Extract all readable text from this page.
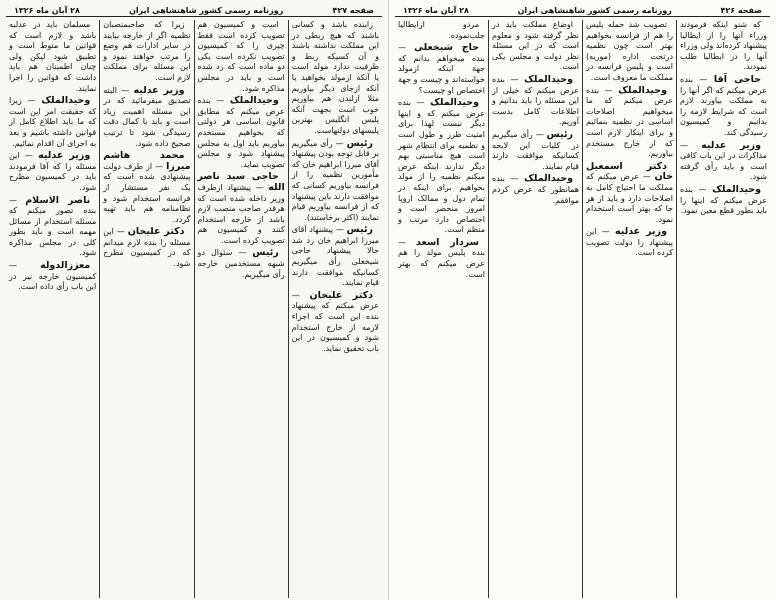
صفحه ۴۲۷
روزنامه رسمی کشور شاهنشاهی ایران
۲۸ آبان ماه ۱۳۲۶

زاینده باشد و کسانی باشند که هیچ ربطی در این مملکت نداشته باشند و آن کسیکه ربط و طرفیت ندارد مولد است یا آنکه ازمولد بخواهید یا آنکه ازجای دیگر بیاوریم مثلا ازلندن هم بیاوریم خوب است بجهت آنکه پلیس انگلیس بهترین پلیسهای دولتهاست.

رئیس — رأی میگیریم بر قابل توجه بودن پیشنهاد آقای میرزا ابراهیم خان که مأمورین نظمیه را از فرانسه بیاوریم کسانی که موافقت دارند باین پیشنهاد که از فرانسه بیاوریم قیام نمایند (اکثر برخاستند).

رئیس — پیشنهاد آقای میرزا ابراهیم خان رد شد حالا پیشنهاد حاجی شیخعلی رأی میگیریم کسانیکه موافقت دارند قیام نمایند.

دکتر علیخان — عرض میکنم که پیشنهاد بنده این است که اجزاء لازمه از خارج استخدام شود و کمیسیون در این باب تحقیق نماید.

است و کمیسیون هم تصویب کرده است فقط چیزی را که کمیسیون تصویب نکرده است یکی دو ماده است که رد شده است و باید در مجلس مذاکره شود.

وحیدالملک — بنده عرض میکنم که مطابق قانون اساسی هر دولتی که بخواهیم مستخدم بیاوریم باید اول به مجلس پیشنهاد شود و مجلس تصویب نماید.

حاجی سید ناصر الله — پیشنهاد ازطرف وزیر داخله شده است که هرقدر صاحب منصب لازم باشد از خارجه استخدام کنند و کمیسیون هم تصویب کرده است.

رئیس — سئوال دو شبهه مستخدمین خارجه رأی میگیریم.

زیرا که صاحبمنصبان نظمیه اگر از خارجه بیایند در سایر ادارات هم وضع را مرتب خواهند نمود و این مسئله برای مملکت لازم است.

وزیر عدلیه — البته تصدیق میفرمائید که در این مسئله اهمیت زیاد است و باید با کمال دقت رسیدگی شود تا ترتیب صحیح داده شود.

محمد هاشم میرزا — از طرف دولت پیشنهادی شده است که یک نفر مستشار از فرانسه استخدام شود و نظامنامه هم باید تهیه گردد.

دکتر علیخان — این مسئله را بنده لازم میدانم که در کمیسیون مطرح شود.

مسلمان باید در عدلیه باشد و لازم است که قوانین ما منوط است و تطبیق شود لیکن ولی چنان اطمینان هم باید داشت که قوانین را اجرا نمایند.

وحیدالملک — زیرا که حقیقت امر این است که ما باید اطلاع کامل از قوانین داشته باشیم و بعد به اجرای آن اقدام نمائیم.

وزیر عدلیه — این مسئله را که آقا فرمودند باید در کمیسیون مطرح شود.

ناصر الاسلام — بنده تصور میکنم که مسئله استخدام از مسائل مهمه است و باید بطور کلی در مجلس مذاکره شود.

معززالدوله — کمیسیون خارجه نیز در این باب رأی داده است.

صفحه ۴۲۶
روزنامه رسمی کشور شاهنشاهی ایران
۲۸ آبان ماه ۱۳۲۶

که شنو اینکه فرمودند وزراء آنها را از ایطالیا پیشنهاد کرده‌اند ولی وزراء آنها را در ایطالیا طلب نمودند.

حاجی آقا — بنده عرض میکنم که اگر آنها را به مملکت بیاورند لازم است که شرایط لازمه را بدانیم و کمیسیون رسیدگی کند.

وزیر عدلیه — مذاکرات در این باب کافی است و باید رأی گرفته شود.

وحیدالملک — بنده عرض میکنم که اینها را باید بطور قطع معین نمود.

تصویب شد حمله پلیس را هم از فرانسه بخواهیم بهتر است چون نظمیه درتحت اداره (موریه) است و پلیس فرانسه در مملکت ما معروف است.

وحیدالملک — بنده عرض میکنم که ما میخواهیم اصلاحات اساسی در نظمیه بنمائیم و برای اینکار لازم است که از خارج مستخدم بیاوریم.

دکتر اسمعیل خان — عرض میکنم که مملکت ما احتیاج کامل به اصلاحات دارد و باید از هر جا که بهتر است استخدام نمود.

وزیر عدلیه — این پیشنهاد را دولت تصویب کرده است.

اوضاع مملکت باید در نظر گرفته شود و معلوم است که در این مسئله نظر دولت و مجلس یکی است.

وحیدالملک — بنده عرض میکنم که خیلی از این مسئله را باید بدانیم و اطلاعات کامل بدست آوریم.

رئیس — رأی میگیریم در کلیات این لایحه کسانیکه موافقت دارند قیام نمایند.

وحیدالملک — بنده همانطور که عرض کردم موافقم.

مردو ازایطالیا جلب‌نموده.

حاج شیخعلی — بنده میخواهم بدانم که جهة اینکه ازمولد خواسته‌اند و چیست و جهة اختصاص او چیست؟

وحیدالملک — بنده عرض میکنم که و اینها دیگر نیست لهذا برای امنیت طرز و طول است و نظمیه برای انتظام شهر است هیچ مناسبتی بهم دیگر ندارند اینکه عرض میکنم نظمیه را از مولد بخواهیم برای اینکه در تمام دول و ممالک اروپا امروز منحصر است و اختصاص دارد مرتب و منظم است.

سردار اسعد — بنده پلیس مولد را هم عرض میکنم که بهتر است.
